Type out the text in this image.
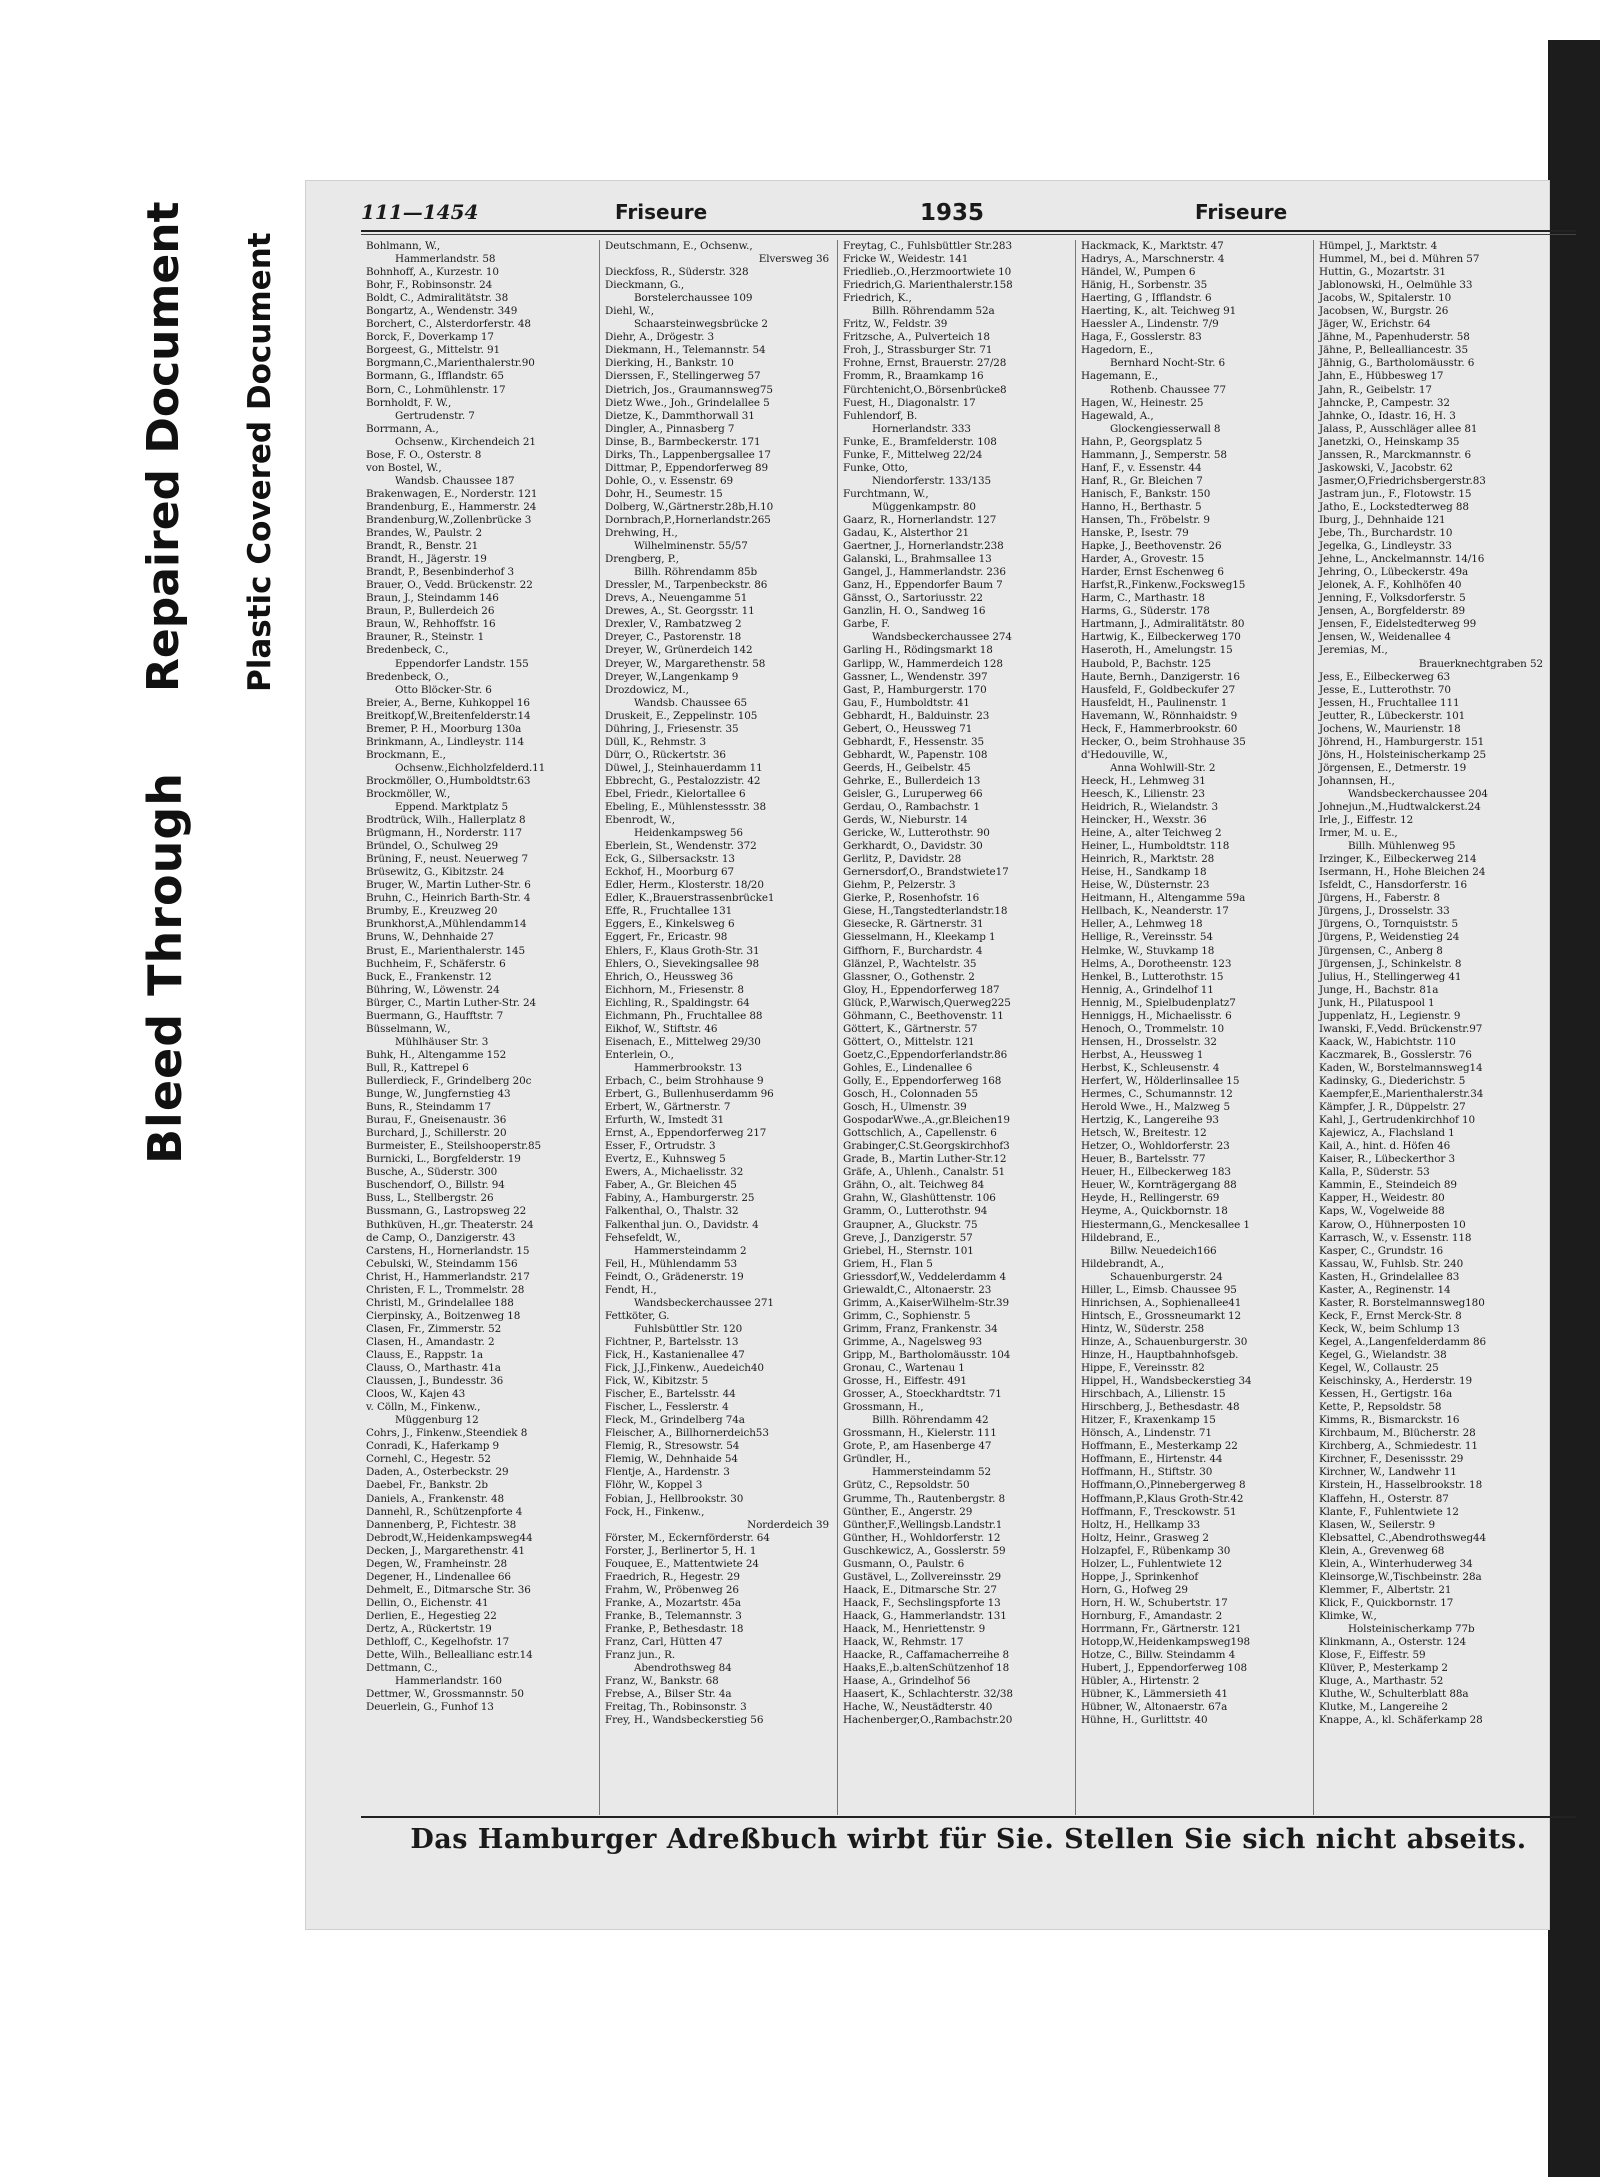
Bleed Through
Repaired Document Plastic Covered Document
111—1454	Friseure	1935	Friseure
Bohlmann, W.,
Hammerlandstr. 58
Bohnhoff, A., Kurzestr. 10
Bohr, F., Robinsonstr. 24
Boldt, C., Admiralitätstr. 38
Bongartz, A., Wendenstr. 349
Borchert, C., Alsterdorferstr. 48
Borck, F., Doverkamp 17
Borgeest, G., Mittelstr. 91
Borgmann,C.,Marienthalerstr.90
Bormann, G., Ifflandstr. 65
Born, C., Lohmühlenstr. 17
Bornholdt, F. W.,
Gertrudenstr. 7
Borrmann, A.,
Ochsenw., Kirchendeich 21
Bose, F. O., Osterstr. 8
von Bostel, W.,
Wandsb. Chaussee 187
Brakenwagen, E., Norderstr. 121
Brandenburg, E., Hammerstr. 24
Brandenburg,W.,Zollenbrücke 3
Brandes, W., Paulstr. 2
Brandt, R., Benstr. 21
Brandt, H., Jägerstr. 19
Brandt, P., Besenbinderhof 3
Brauer, O., Vedd. Brückenstr. 22
Braun, J., Steindamm 146
Braun, P., Bullerdeich 26
Braun, W., Rehhoffstr. 16
Brauner, R., Steinstr. 1
Bredenbeck, C.,
Eppendorfer Landstr. 155
Bredenbeck, O.,
Otto Blöcker-Str. 6
Breier, A., Berne, Kuhkoppel 16
Breitkopf,W.,Breitenfelderstr.14
Bremer, P. H., Moorburg 130a
Brinkmann, A., Lindleystr. 114
Brockmann, E.,
Ochsenw.,Eichholzfelderd.11
Brockmöller, O.,Humboldtstr.63
Brockmöller, W.,
Eppend. Marktplatz 5
Brodtrück, Wilh., Hallerplatz 8
Brügmann, H., Norderstr. 117
Bründel, O., Schulweg 29
Brüning, F., neust. Neuerweg 7
Brüsewitz, G., Kibitzstr. 24
Bruger, W., Martin Luther-Str. 6
Bruhn, C., Heinrich Barth-Str. 4
Brumby, E., Kreuzweg 20
Brunkhorst,A.,Mühlendamm14
Bruns, W., Dehnhaide 27
Brust, E., Marienthalerstr. 145
Buchheim, F., Schäferstr. 6
Buck, E., Frankenstr. 12
Bühring, W., Löwenstr. 24
Bürger, C., Martin Luther-Str. 24
Buermann, G., Haufftstr. 7
Büsselmann, W.,
Mühlhäuser Str. 3
Buhk, H., Altengamme 152
Bull, R., Kattrepel 6
Bullerdieck, F., Grindelberg 20c
Bunge, W., Jungfernstieg 43
Buns, R., Steindamm 17
Burau, F., Gneisenaustr. 36
Burchard, J., Schillerstr. 20
Burmeister, E., Steilshooperstr.85
Burnicki, L., Borgfelderstr. 19
Busche, A., Süderstr. 300
Buschendorf, O., Billstr. 94
Buss, L., Stellbergstr. 26
Bussmann, G., Lastropsweg 22
Buthküven, H.,gr. Theaterstr. 24
de Camp, O., Danzigerstr. 43
Carstens, H., Hornerlandstr. 15
Cebulski, W., Steindamm 156
Christ, H., Hammerlandstr. 217
Christen, F. L., Trommelstr. 28
Christl, M., Grindelallee 188
Cierpinsky, A., Boitzenweg 18
Clasen, Fr., Zimmerstr. 52
Clasen, H., Amandastr. 2
Clauss, E., Rappstr. 1a
Clauss, O., Marthastr. 41a
Claussen, J., Bundesstr. 36
Cloos, W., Kajen 43
v. Cölln, M., Finkenw.,
Müggenburg 12
Cohrs, J., Finkenw.,Steendiek 8
Conradi, K., Haferkamp 9
Cornehl, C., Hegestr. 52
Daden, A., Osterbeckstr. 29
Daebel, Fr., Bankstr. 2b
Daniels, A., Frankenstr. 48
Dannehl, R., Schützenpforte 4
Dannenberg, P., Fichtestr. 38
Debrodt,W.,Heidenkampsweg44
Decken, J., Margarethenstr. 41
Degen, W., Framheinstr. 28
Degener, H., Lindenallee 66
Dehmelt, E., Ditmarsche Str. 36
Dellin, O., Eichenstr. 41
Derlien, E., Hegestieg 22
Dertz, A., Rückertstr. 19
Dethloff, C., Kegelhofstr. 17
Dette, Wilh., Belleallianc estr.14
Dettmann, C.,
Hammerlandstr. 160
Dettmer, W., Grossmannstr. 50
Deuerlein, G., Funhof 13
Deutschmann, E., Ochsenw.,
Elversweg 36
Dieckfoss, R., Süderstr. 328
Dieckmann, G.,
Borstelerchaussee 109
Diehl, W.,
Schaarsteinwegsbrücke 2
Diehr, A., Drögestr. 3
Diekmann, H., Telemannstr. 54
Dierking, H., Bankstr. 10
Dierssen, F., Stellingerweg 57
Dietrich, Jos., Graumannsweg75
Dietz Wwe., Joh., Grindelallee 5
Dietze, K., Dammthorwall 31
Dingler, A., Pinnasberg 7
Dinse, B., Barmbeckerstr. 171
Dirks, Th., Lappenbergsallee 17
Dittmar, P., Eppendorferweg 89
Dohle, O., v. Essenstr. 69
Dohr, H., Seumestr. 15
Dolberg, W.,Gärtnerstr.28b,H.10
Dornbrach,P.,Hornerlandstr.265
Drehwing, H.,
Wilhelminenstr. 55/57
Drengberg, P.,
Billh. Röhrendamm 85b
Dressler, M., Tarpenbeckstr. 86
Drevs, A., Neuengamme 51
Drewes, A., St. Georgsstr. 11
Drexler, V., Rambatzweg 2
Dreyer, C., Pastorenstr. 18
Dreyer, W., Grünerdeich 142
Dreyer, W., Margarethenstr. 58
Dreyer, W.,Langenkamp 9
Drozdowicz, M.,
Wandsb. Chaussee 65
Druskeit, E., Zeppelinstr. 105
Dühring, J., Friesenstr. 35
Düll, K., Rehmstr. 3
Dürr, O., Rückertstr. 36
Düwel, J., Steinhauerdamm 11
Ebbrecht, G., Pestalozzistr. 42
Ebel, Friedr., Kielortallee 6
Ebeling, E., Mühlenstessstr. 38
Ebenrodt, W.,
Heidenkampsweg 56
Eberlein, St., Wendenstr. 372
Eck, G., Silbersackstr. 13
Eckhof, H., Moorburg 67
Edler, Herm., Klosterstr. 18/20
Edler, K.,Brauerstrassenbrücke1
Effe, R., Fruchtallee 131
Eggers, E., Kinkelsweg 6
Eggert, Fr., Ericastr. 98
Ehlers, F., Klaus Groth-Str. 31
Ehlers, O., Sievekingsallee 98
Ehrich, O., Heussweg 36
Eichhorn, M., Friesenstr. 8
Eichling, R., Spaldingstr. 64
Eichmann, Ph., Fruchtallee 88
Eikhof, W., Stiftstr. 46
Eisenach, E., Mittelweg 29/30
Enterlein, O.,
Hammerbrookstr. 13
Erbach, C., beim Strohhause 9
Erbert, G., Bullenhuserdamm 96
Erbert, W., Gärtnerstr. 7
Erfurth, W., Imstedt 31
Ernst, A., Eppendorferweg 217
Esser, F., Ortrudstr. 3
Evertz, E., Kuhnsweg 5
Ewers, A., Michaelisstr. 32
Faber, A., Gr. Bleichen 45
Fabiny, A., Hamburgerstr. 25
Falkenthal, O., Thalstr. 32
Falkenthal jun. O., Davidstr. 4
Fehsefeldt, W.,
Hammersteindamm 2
Feil, H., Mühlendamm 53
Feindt, O., Grädenerstr. 19
Fendt, H.,
Wandsbeckerchaussee 271
Fettköter, G.
Fuhlsbüttler Str. 120
Fichtner, P., Bartelsstr. 13
Fick, H., Kastanienallee 47
Fick, J.J.,Finkenw., Auedeich40
Fick, W., Kibitzstr. 5
Fischer, E., Bartelsstr. 44
Fischer, L., Fesslerstr. 4
Fleck, M., Grindelberg 74a
Fleischer, A., Billhornerdeich53
Flemig, R., Stresowstr. 54
Flemig, W., Dehnhaide 54
Flentje, A., Hardenstr. 3
Flöhr, W., Koppel 3
Fobian, J., Hellbrookstr. 30
Fock, H., Finkenw.,
Norderdeich 39
Förster, M., Eckernförderstr. 64
Forster, J., Berlinertor 5, H. 1
Fouquee, E., Mattentwiete 24
Fraedrich, R., Hegestr. 29
Frahm, W., Pröbenweg 26
Franke, A., Mozartstr. 45a
Franke, B., Telemannstr. 3
Franke, P., Bethesdastr. 18
Franz, Carl, Hütten 47
Franz jun., R.
Abendrothsweg 84
Franz, W., Bankstr. 68
Frebse, A., Bilser Str. 4a
Freitag, Th., Robinsonstr. 3
Frey, H., Wandsbeckerstieg 56
Freytag, C., Fuhlsbüttler Str.283
Fricke W., Weidestr. 141
Friedlieb.,O.,Herzmoortwiete 10
Friedrich,G. Marienthalerstr.158
Friedrich, K.,
Billh. Röhrendamm 52a
Fritz, W., Feldstr. 39
Fritzsche, A., Pulverteich 18
Froh, J., Strassburger Str. 71
Frohne, Ernst, Brauerstr. 27/28
Fromm, R., Braamkamp 16
Fürchtenicht,O.,Börsenbrücke8
Fuest, H., Diagonalstr. 17
Fuhlendorf, B.
Hornerlandstr. 333
Funke, E., Bramfelderstr. 108
Funke, F., Mittelweg 22/24
Funke, Otto,
Niendorferstr. 133/135
Furchtmann, W.,
Müggenkampstr. 80
Gaarz, R., Hornerlandstr. 127
Gadau, K., Alsterthor 21
Gaertner, J., Hornerlandstr.238
Galanski, L., Brahmsallee 13
Gangel, J., Hammerlandstr. 236
Ganz, H., Eppendorfer Baum 7
Gänsst, O., Sartoriusstr. 22
Ganzlin, H. O., Sandweg 16
Garbe, F.
Wandsbeckerchaussee 274
Garling H., Rödingsmarkt 18
Garlipp, W., Hammerdeich 128
Gassner, L., Wendenstr. 397
Gast, P., Hamburgerstr. 170
Gau, F., Humboldtstr. 41
Gebhardt, H., Balduinstr. 23
Gebert, O., Heussweg 71
Gebhardt, F., Hessenstr. 35
Gebhardt, W., Papenstr. 108
Geerds, H., Geibelstr. 45
Gehrke, E., Bullerdeich 13
Geisler, G., Luruperweg 66
Gerdau, O., Rambachstr. 1
Gerds, W., Nieburstr. 14
Gericke, W., Lutterothstr. 90
Gerkhardt, O., Davidstr. 30
Gerlitz, P., Davidstr. 28
Gernersdorf,O., Brandstwiete17
Giehm, P., Pelzerstr. 3
Gierke, P., Rosenhofstr. 16
Giese, H.,Tangstedterlandstr.18
Giesecke, R. Gärtnerstr. 31
Giesselmann, H., Kleekamp 1
Giffhorn, F., Burchardstr. 4
Glänzel, P., Wachtelstr. 35
Glassner, O., Gothenstr. 2
Gloy, H., Eppendorferweg 187
Glück, P.,Warwisch,Querweg225
Göhmann, C., Beethovenstr. 11
Göttert, K., Gärtnerstr. 57
Göttert, O., Mittelstr. 121
Goetz,C.,Eppendorferlandstr.86
Gohles, E., Lindenallee 6
Golly, E., Eppendorferweg 168
Gosch, H., Colonnaden 55
Gosch, H., Ulmenstr. 39
GospodarWwe.,A.,gr.Bleichen19
Gottschlich, A., Capellenstr. 6
Grabinger,C.St.Georgskirchhof3
Grade, B., Martin Luther-Str.12
Gräfe, A., Uhlenh., Canalstr. 51
Grähn, O., alt. Teichweg 84
Grahn, W., Glashüttenstr. 106
Gramm, O., Lutterothstr. 94
Graupner, A., Gluckstr. 75
Greve, J., Danzigerstr. 57
Griebel, H., Sternstr. 101
Griem, H., Flan 5
Griessdorf,W., Veddelerdamm 4
Griewaldt,C., Altonaerstr. 23
Grimm, A.,KaiserWilhelm-Str.39
Grimm, C., Sophienstr. 5
Grimm, Franz, Frankenstr. 34
Grimme, A., Nagelsweg 93
Gripp, M., Bartholomäusstr. 104
Gronau, C., Wartenau 1
Grosse, H., Eiffestr. 491
Grosser, A., Stoeckhardtstr. 71
Grossmann, H.,
Billh. Röhrendamm 42
Grossmann, H., Kielerstr. 111
Grote, P., am Hasenberge 47
Gründler, H.,
Hammersteindamm 52
Grütz, C., Repsoldstr. 50
Grumme, Th., Rautenbergstr. 8
Günther, E., Angerstr. 29
Günther,F.,Wellingsb.Landstr.1
Günther, H., Wohldorferstr. 12
Guschkewicz, A., Gosslerstr. 59
Gusmann, O., Paulstr. 6
Gustävel, L., Zollvereinsstr. 29
Haack, E., Ditmarsche Str. 27
Haack, F., Sechslingspforte 13
Haack, G., Hammerlandstr. 131
Haack, M., Henriettenstr. 9
Haack, W., Rehmstr. 17
Haacke, R., Caffamacherreihe 8
Haaks,E.,b.altenSchützenhof 18
Haase, A., Grindelhof 56
Haasert, K., Schlachterstr. 32/38
Hache, W., Neustädterstr. 40
Hachenberger,O.,Rambachstr.20
Hackmack, K., Marktstr. 47
Hadrys, A., Marschnerstr. 4
Händel, W., Pumpen 6
Hänig, H., Sorbenstr. 35
Haerting, G , Ifflandstr. 6
Haerting, K., alt. Teichweg 91
Haessler A., Lindenstr. 7/9
Haga, F., Gosslerstr. 83
Hagedorn, E.,
Bernhard Nocht-Str. 6
Hagemann, E.,
Rothenb. Chaussee 77
Hagen, W., Heinestr. 25
Hagewald, A.,
Glockengiesserwall 8
Hahn, P., Georgsplatz 5
Hammann, J., Semperstr. 58
Hanf, F., v. Essenstr. 44
Hanf, R., Gr. Bleichen 7
Hanisch, F., Bankstr. 150
Hanno, H., Berthastr. 5
Hansen, Th., Fröbelstr. 9
Hanske, P., Isestr. 79
Hapke, J., Beethovenstr. 26
Harder, A., Grovestr. 15
Harder, Ernst Eschenweg 6
Harfst,R.,Finkenw.,Focksweg15
Harm, C., Marthastr. 18
Harms, G., Süderstr. 178
Hartmann, J., Admiralitätstr. 80
Hartwig, K., Eilbeckerweg 170
Haseroth, H., Amelungstr. 15
Haubold, P., Bachstr. 125
Haute, Bernh., Danzigerstr. 16
Hausfeld, F., Goldbeckufer 27
Hausfeldt, H., Paulinenstr. 1
Havemann, W., Rönnhaidstr. 9
Heck, F., Hammerbrookstr. 60
Hecker, O., beim Strohhause 35
d'Hedouville, W.,
Anna Wohlwill-Str. 2
Heeck, H., Lehmweg 31
Heesch, K., Lilienstr. 23
Heidrich, R., Wielandstr. 3
Heincker, H., Wexstr. 36
Heine, A., alter Teichweg 2
Heiner, L., Humboldtstr. 118
Heinrich, R., Marktstr. 28
Heise, H., Sandkamp 18
Heise, W., Düsternstr. 23
Heitmann, H., Altengamme 59a
Hellbach, K., Neanderstr. 17
Heller, A., Lehmweg 18
Hellige, R., Vereinsstr. 54
Helmke, W., Stuvkamp 18
Helms, A., Dorotheenstr. 123
Henkel, B., Lutterothstr. 15
Hennig, A., Grindelhof 11
Hennig, M., Spielbudenplatz7
Henniggs, H., Michaelisstr. 6
Henoch, O., Trommelstr. 10
Hensen, H., Drosselstr. 32
Herbst, A., Heussweg 1
Herbst, K., Schleusenstr. 4
Herfert, W., Hölderlinsallee 15
Hermes, C., Schumannstr. 12
Herold Wwe., H., Malzweg 5
Hertzig, K., Langereihe 93
Hetsch, W., Breitestr. 12
Hetzer, O., Wohldorferstr. 23
Heuer, B., Bartelsstr. 77
Heuer, H., Eilbeckerweg 183
Heuer, W., Kornträgergang 88
Heyde, H., Rellingerstr. 69
Heyme, A., Quickbornstr. 18
Hiestermann,G., Menckesallee 1
Hildebrand, E.,
Billw. Neuedeich166
Hildebrandt, A.,
Schauenburgerstr. 24
Hiller, L., Eimsb. Chaussee 95
Hinrichsen, A., Sophienallee41
Hintsch, E., Grossneumarkt 12
Hintz, W., Süderstr. 258
Hinze, A., Schauenburgerstr. 30
Hinze, H., Hauptbahnhofsgeb.
Hippe, F., Vereinsstr. 82
Hippel, H., Wandsbeckerstieg 34
Hirschbach, A., Lilienstr. 15
Hirschberg, J., Bethesdastr. 48
Hitzer, F., Kraxenkamp 15
Hönsch, A., Lindenstr. 71
Hoffmann, E., Mesterkamp 22
Hoffmann, E., Hirtenstr. 44
Hoffmann, H., Stiftstr. 30
Hoffmann,O.,Pinnebergerweg 8
Hoffmann,P.,Klaus Groth-Str.42
Hoffmann, F., Tresckowstr. 51
Holtz, H., Hellkamp 33
Holtz, Heinr., Grasweg 2
Holzapfel, F., Rübenkamp 30
Holzer, L., Fuhlentwiete 12
Hoppe, J., Sprinkenhof
Horn, G., Hofweg 29
Horn, H. W., Schubertstr. 17
Hornburg, F., Amandastr. 2
Horrmann, Fr., Gärtnerstr. 121
Hotopp,W.,Heidenkampsweg198
Hotze, C., Billw. Steindamm 4
Hubert, J., Eppendorferweg 108
Hübler, A., Hirtenstr. 2
Hübner, K., Lämmersieth 41
Hübner, W., Altonaerstr. 67a
Hühne, H., Gurlittstr. 40
Hümpel, J., Marktstr. 4
Hummel, M., bei d. Mühren 57
Huttin, G., Mozartstr. 31
Jablonowski, H., Oelmühle 33
Jacobs, W., Spitalerstr. 10
Jacobsen, W., Burgstr. 26
Jäger, W., Erichstr. 64
Jähne, M., Papenhuderstr. 58
Jähne, P., Bellealliancestr. 35
Jähnig, G., Bartholomäusstr. 6
Jahn, E., Hübbesweg 17
Jahn, R., Geibelstr. 17
Jahncke, P., Campestr. 32
Jahnke, O., Idastr. 16, H. 3
Jalass, P., Ausschläger allee 81
Janetzki, O., Heinskamp 35
Janssen, R., Marckmannstr. 6
Jaskowski, V., Jacobstr. 62
Jasmer,O,Friedrichsbergerstr.83
Jastram jun., F., Flotowstr. 15
Jatho, E., Lockstedterweg 88
Iburg, J., Dehnhaide 121
Jebe, Th., Burchardstr. 10
Jegelka, G., Lindleystr. 33
Jehne, L., Anckelmannstr. 14/16
Jehring, O., Lübeckerstr. 49a
Jelonek, A. F., Kohlhöfen 40
Jenning, F., Volksdorferstr. 5
Jensen, A., Borgfelderstr. 89
Jensen, F., Eidelstedterweg 99
Jensen, W., Weidenallee 4
Jeremias, M.,
Brauerknechtgraben 52
Jess, E., Eilbeckerweg 63
Jesse, E., Lutterothstr. 70
Jessen, H., Fruchtallee 111
Jeutter, R., Lübeckerstr. 101
Jochens, W., Maurienstr. 18
Jöhrend, H., Hamburgerstr. 151
Jöns, H., Holsteinischerkamp 25
Jörgensen, E., Detmerstr. 19
Johannsen, H.,
Wandsbeckerchaussee 204
Johnejun.,M.,Hudtwalckerst.24
Irle, J., Eiffestr. 12
Irmer, M. u. E.,
Billh. Mühlenweg 95
Irzinger, K., Eilbeckerweg 214
Isermann, H., Hohe Bleichen 24
Isfeldt, C., Hansdorferstr. 16
Jürgens, H., Faberstr. 8
Jürgens, J., Drosselstr. 33
Jürgens, O., Tornquiststr. 5
Jürgens, P., Weidenstieg 24
Jürgensen, C., Anberg 8
Jürgensen, J., Schinkelstr. 8
Julius, H., Stellingerweg 41
Junge, H., Bachstr. 81a
Junk, H., Pilatuspool 1
Juppenlatz, H., Legienstr. 9
Iwanski, F.,Vedd. Brückenstr.97
Kaack, W., Habichtstr. 110
Kaczmarek, B., Gosslerstr. 76
Kaden, W., Borstelmannsweg14
Kadinsky, G., Diederichstr. 5
Kaempfer,E.,Marienthalerstr.34
Kämpfer, J. R., Düppelstr. 27
Kahl, J., Gertrudenkirchhof 10
Kajewicz, A., Flachsland 1
Kail, A., hint. d. Höfen 46
Kaiser, R., Lübeckerthor 3
Kalla, P., Süderstr. 53
Kammin, E., Steindeich 89
Kapper, H., Weidestr. 80
Kaps, W., Vogelweide 88
Karow, O., Hühnerposten 10
Karrasch, W., v. Essenstr. 118
Kasper, C., Grundstr. 16
Kassau, W., Fuhlsb. Str. 240
Kasten, H., Grindelallee 83
Kaster, A., Reginenstr. 14
Kaster, R. Borstelmannsweg180
Keck, F., Ernst Merck-Str. 8
Keck, W., beim Schlump 13
Kegel, A.,Langenfelderdamm 86
Kegel, G., Wielandstr. 38
Kegel, W., Collaustr. 25
Keischinsky, A., Herderstr. 19
Kessen, H., Gertigstr. 16a
Kette, P., Repsoldstr. 58
Kimms, R., Bismarckstr. 16
Kirchbaum, M., Blücherstr. 28
Kirchberg, A., Schmiedestr. 11
Kirchner, F., Desenissstr. 29
Kirchner, W., Landwehr 11
Kirstein, H., Hasselbrookstr. 18
Klaffehn, H., Osterstr. 87
Klante, F., Fuhlentwiete 12
Klasen, W., Seilerstr. 9
Klebsattel, C.,Abendrothsweg44
Klein, A., Grevenweg 68
Klein, A., Winterhuderweg 34
Kleinsorge,W.,Tischbeinstr. 28a
Klemmer, F., Albertstr. 21
Klick, F., Quickbornstr. 17
Klimke, W.,
Holsteinischerkamp 77b
Klinkmann, A., Osterstr. 124
Klose, F., Eiffestr. 59
Klüver, P., Mesterkamp 2
Kluge, A., Marthastr. 52
Kluthe, W., Schulterblatt 88a
Klutke, M., Langereihe 2
Knappe, A., kl. Schäferkamp 28
Das Hamburger Adreßbuch wirbt für Sie. Stellen Sie sich nicht abseits.
